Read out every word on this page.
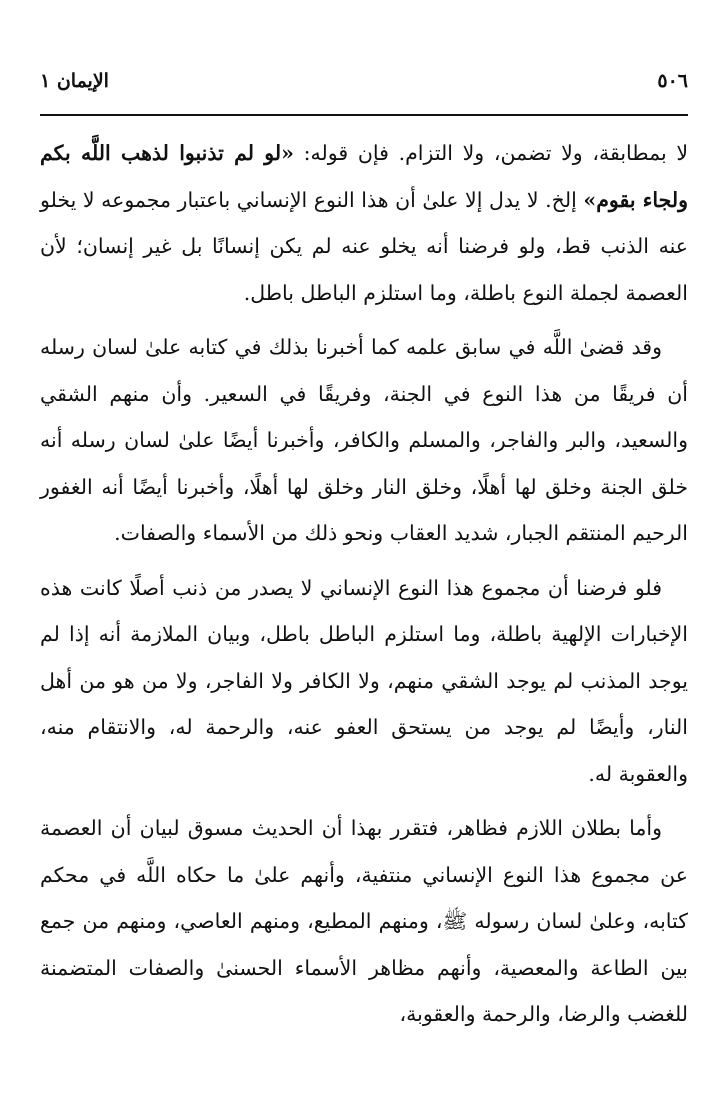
٥٠٦
الإيمان ١

لا بمطابقة، ولا تضمن، ولا التزام. فإن قوله: «لو لم تذنبوا لذهب اللَّه بكم ولجاء بقوم» إلخ. لا يدل إلا علىٰ أن هذا النوع الإنساني باعتبار مجموعه لا يخلو عنه الذنب قط، ولو فرضنا أنه يخلو عنه لم يكن إنسانًا بل غير إنسان؛ لأن العصمة لجملة النوع باطلة، وما استلزم الباطل باطل.

وقد قضىٰ اللَّه في سابق علمه كما أخبرنا بذلك في كتابه علىٰ لسان رسله أن فريقًا من هذا النوع في الجنة، وفريقًا في السعير. وأن منهم الشقي والسعيد، والبر والفاجر، والمسلم والكافر، وأخبرنا أيضًا علىٰ لسان رسله أنه خلق الجنة وخلق لها أهلًا، وخلق النار وخلق لها أهلًا، وأخبرنا أيضًا أنه الغفور الرحيم المنتقم الجبار، شديد العقاب ونحو ذلك من الأسماء والصفات.

فلو فرضنا أن مجموع هذا النوع الإنساني لا يصدر من ذنب أصلًا كانت هذه الإخبارات الإلهية باطلة، وما استلزم الباطل باطل، وبيان الملازمة أنه إذا لم يوجد المذنب لم يوجد الشقي منهم، ولا الكافر ولا الفاجر، ولا من هو من أهل النار، وأيضًا لم يوجد من يستحق العفو عنه، والرحمة له، والانتقام منه، والعقوبة له.

وأما بطلان اللازم فظاهر، فتقرر بهذا أن الحديث مسوق لبيان أن العصمة عن مجموع هذا النوع الإنساني منتفية، وأنهم علىٰ ما حكاه اللَّه في محكم كتابه، وعلىٰ لسان رسوله ﷺ، ومنهم المطيع، ومنهم العاصي، ومنهم من جمع بين الطاعة والمعصية، وأنهم مظاهر الأسماء الحسنىٰ والصفات المتضمنة للغضب والرضا، والرحمة والعقوبة،
